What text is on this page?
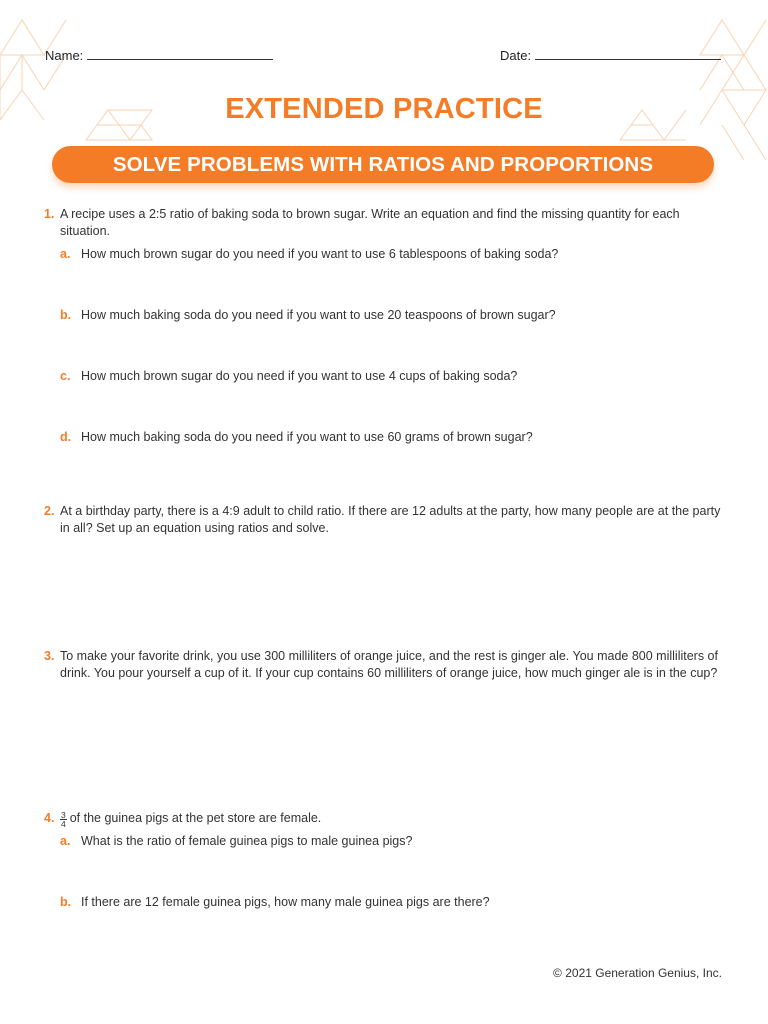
Name:	Date:
EXTENDED PRACTICE
SOLVE PROBLEMS WITH RATIOS AND PROPORTIONS
1. A recipe uses a 2:5 ratio of baking soda to brown sugar. Write an equation and find the missing quantity for each situation.
a. How much brown sugar do you need if you want to use 6 tablespoons of baking soda?
b. How much baking soda do you need if you want to use 20 teaspoons of brown sugar?
c. How much brown sugar do you need if you want to use 4 cups of baking soda?
d. How much baking soda do you need if you want to use 60 grams of brown sugar?
2. At a birthday party, there is a 4:9 adult to child ratio. If there are 12 adults at the party, how many people are at the party in all? Set up an equation using ratios and solve.
3. To make your favorite drink, you use 300 milliliters of orange juice, and the rest is ginger ale. You made 800 milliliters of drink. You pour yourself a cup of it. If your cup contains 60 milliliters of orange juice, how much ginger ale is in the cup?
4. $\frac{3}{4}$ of the guinea pigs at the pet store are female.
a. What is the ratio of female guinea pigs to male guinea pigs?
b. If there are 12 female guinea pigs, how many male guinea pigs are there?
© 2021 Generation Genius, Inc.
